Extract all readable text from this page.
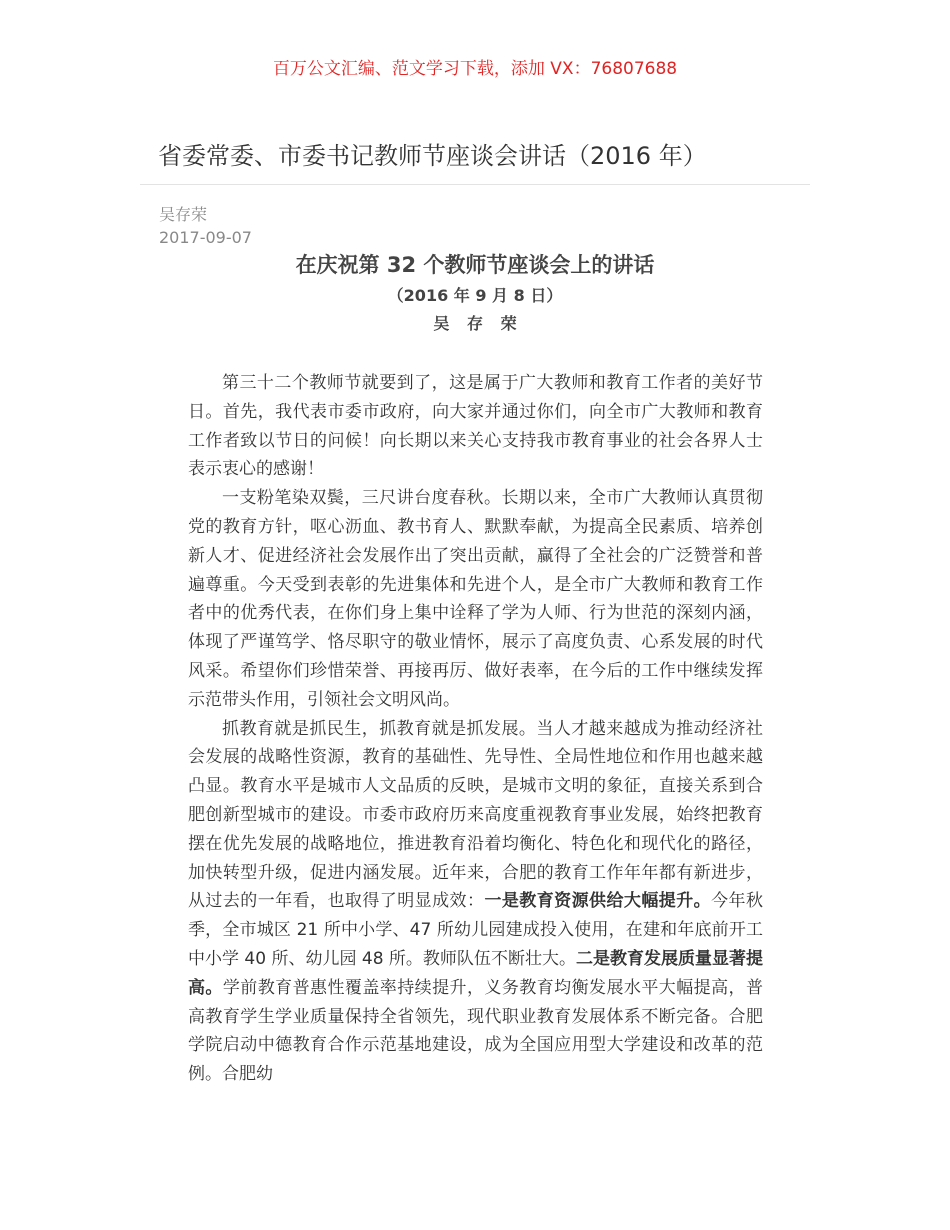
百万公文汇编、范文学习下载，添加 VX：76807688
省委常委、市委书记教师节座谈会讲话（2016 年）
吴存荣
2017-09-07
在庆祝第 32 个教师节座谈会上的讲话
（2016 年 9 月 8 日）
吴 存 荣

第三十二个教师节就要到了，这是属于广大教师和教育工作者的美好节日。首先，我代表市委市政府，向大家并通过你们，向全市广大教师和教育工作者致以节日的问候！向长期以来关心支持我市教育事业的社会各界人士表示衷心的感谢！

一支粉笔染双鬓，三尺讲台度春秋。长期以来，全市广大教师认真贯彻党的教育方针，呕心沥血、教书育人、默默奉献，为提高全民素质、培养创新人才、促进经济社会发展作出了突出贡献，赢得了全社会的广泛赞誉和普遍尊重。今天受到表彰的先进集体和先进个人，是全市广大教师和教育工作者中的优秀代表，在你们身上集中诠释了学为人师、行为世范的深刻内涵，体现了严谨笃学、恪尽职守的敬业情怀，展示了高度负责、心系发展的时代风采。希望你们珍惜荣誉、再接再厉、做好表率，在今后的工作中继续发挥示范带头作用，引领社会文明风尚。

抓教育就是抓民生，抓教育就是抓发展。当人才越来越成为推动经济社会发展的战略性资源，教育的基础性、先导性、全局性地位和作用也越来越凸显。教育水平是城市人文品质的反映，是城市文明的象征，直接关系到合肥创新型城市的建设。市委市政府历来高度重视教育事业发展，始终把教育摆在优先发展的战略地位，推进教育沿着均衡化、特色化和现代化的路径，加快转型升级，促进内涵发展。近年来，合肥的教育工作年年都有新进步，从过去的一年看，也取得了明显成效：一是教育资源供给大幅提升。今年秋季，全市城区 21 所中小学、47 所幼儿园建成投入使用，在建和年底前开工中小学 40 所、幼儿园 48 所。教师队伍不断壮大。二是教育发展质量显著提高。学前教育普惠性覆盖率持续提升，义务教育均衡发展水平大幅提高，普高教育学生学业质量保持全省领先，现代职业教育发展体系不断完备。合肥学院启动中德教育合作示范基地建设，成为全国应用型大学建设和改革的范例。合肥幼
